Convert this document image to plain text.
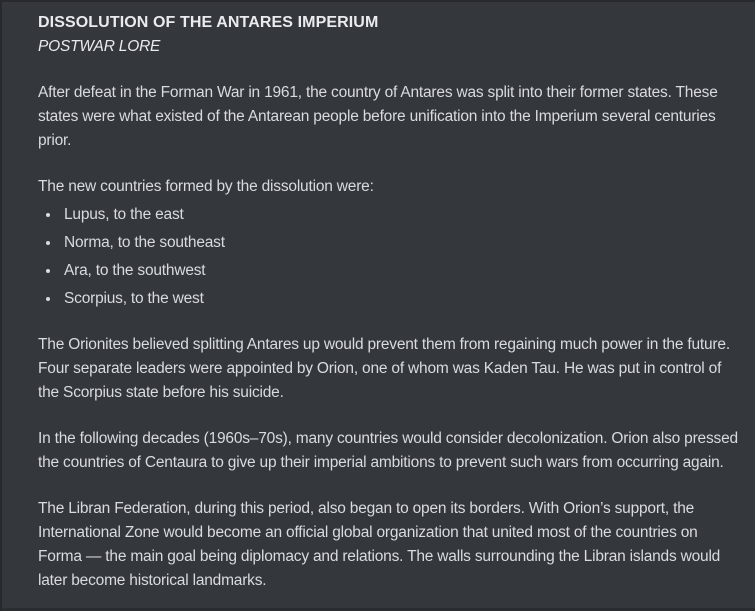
DISSOLUTION OF THE ANTARES IMPERIUM
POSTWAR LORE

After defeat in the Forman War in 1961, the country of Antares was split into their former states. These states were what existed of the Antarean people before unification into the Imperium several centuries prior.

The new countries formed by the dissolution were:

• Lupus, to the east
• Norma, to the southeast
• Ara, to the southwest
• Scorpius, to the west

The Orionites believed splitting Antares up would prevent them from regaining much power in the future. Four separate leaders were appointed by Orion, one of whom was Kaden Tau. He was put in control of the Scorpius state before his suicide.

In the following decades (1960s–70s), many countries would consider decolonization. Orion also pressed the countries of Centaura to give up their imperial ambitions to prevent such wars from occurring again.

The Libran Federation, during this period, also began to open its borders. With Orion’s support, the International Zone would become an official global organization that united most of the countries on Forma — the main goal being diplomacy and relations. The walls surrounding the Libran islands would later become historical landmarks.
